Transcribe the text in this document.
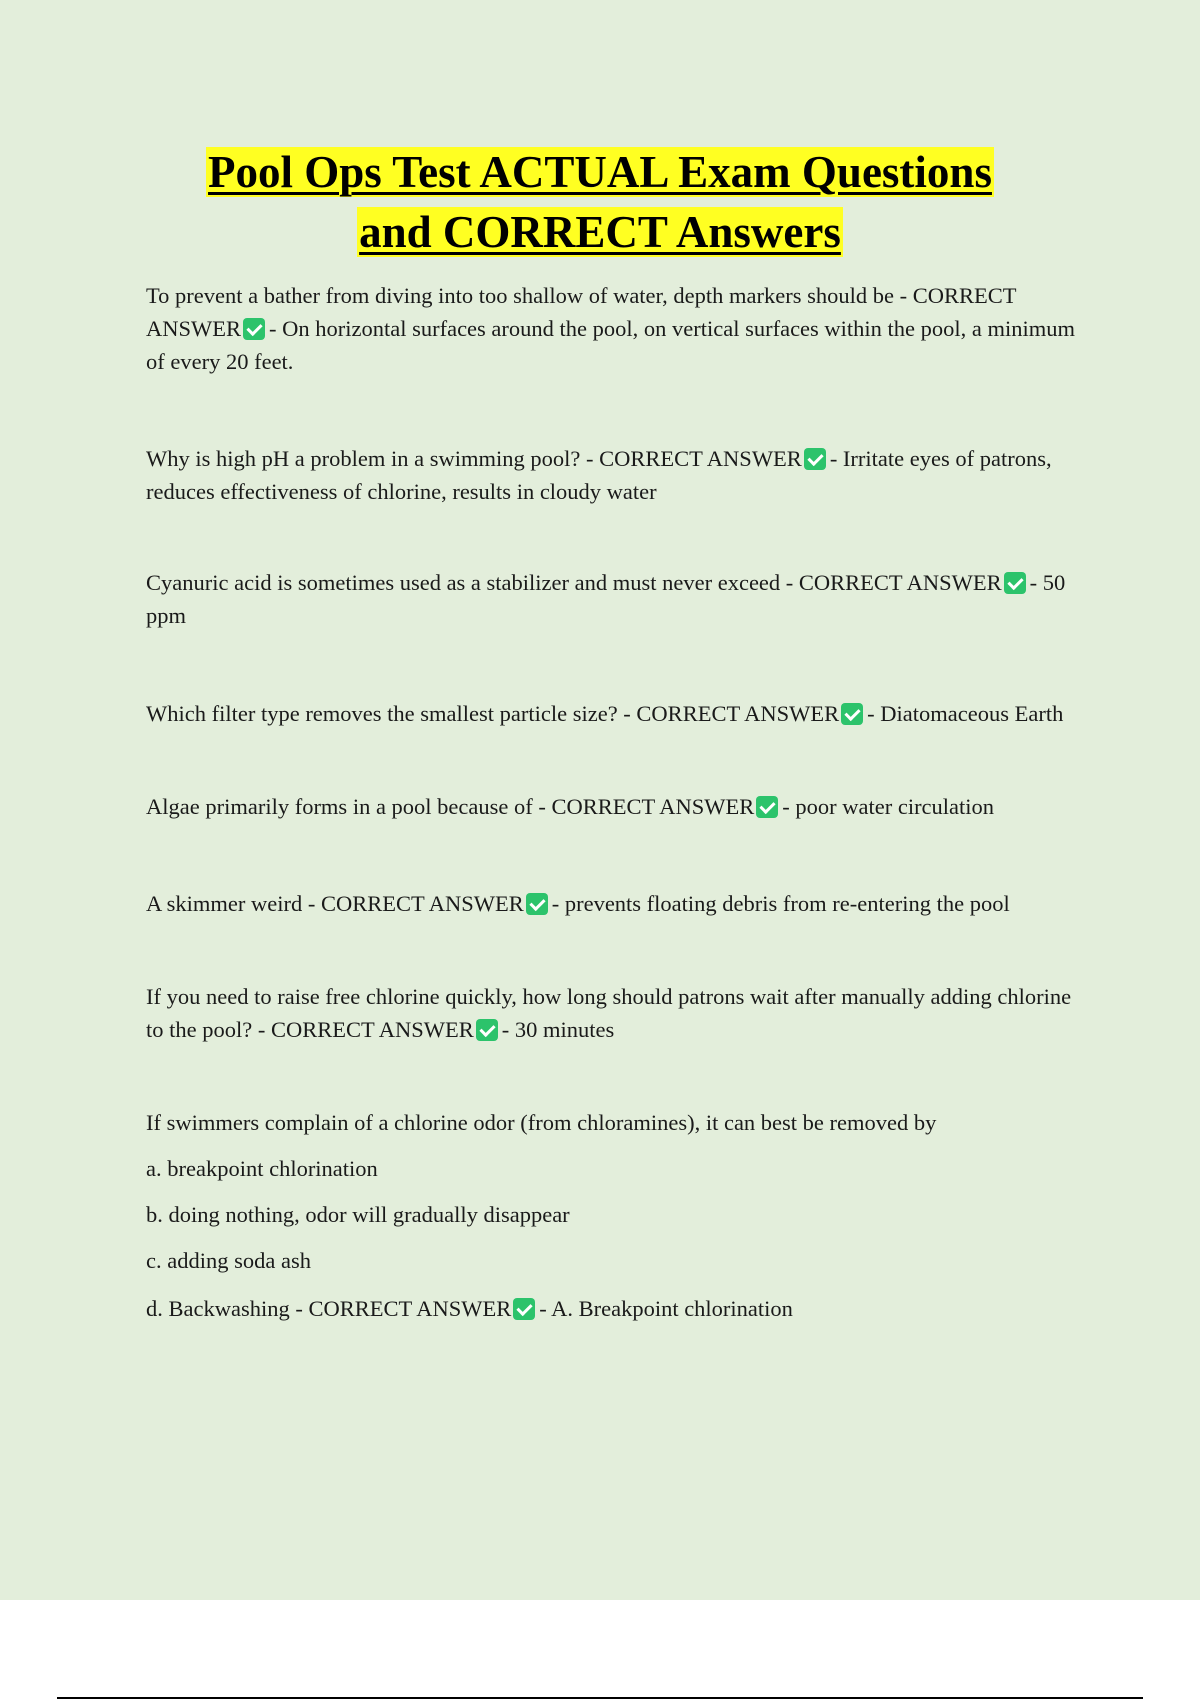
Pool Ops Test ACTUAL Exam Questions
and CORRECT Answers

To prevent a bather from diving into too shallow of water, depth markers should be - CORRECT ANSWER - On horizontal surfaces around the pool, on vertical surfaces within the pool, a minimum of every 20 feet.

Why is high pH a problem in a swimming pool? - CORRECT ANSWER - Irritate eyes of patrons, reduces effectiveness of chlorine, results in cloudy water

Cyanuric acid is sometimes used as a stabilizer and must never exceed - CORRECT ANSWER - 50 ppm

Which filter type removes the smallest particle size? - CORRECT ANSWER - Diatomaceous Earth

Algae primarily forms in a pool because of - CORRECT ANSWER - poor water circulation

A skimmer weird - CORRECT ANSWER - prevents floating debris from re-entering the pool

If you need to raise free chlorine quickly, how long should patrons wait after manually adding chlorine to the pool? - CORRECT ANSWER - 30 minutes

If swimmers complain of a chlorine odor (from chloramines), it can best be removed by

a. breakpoint chlorination

b. doing nothing, odor will gradually disappear

c. adding soda ash

d. Backwashing - CORRECT ANSWER - A. Breakpoint chlorination
